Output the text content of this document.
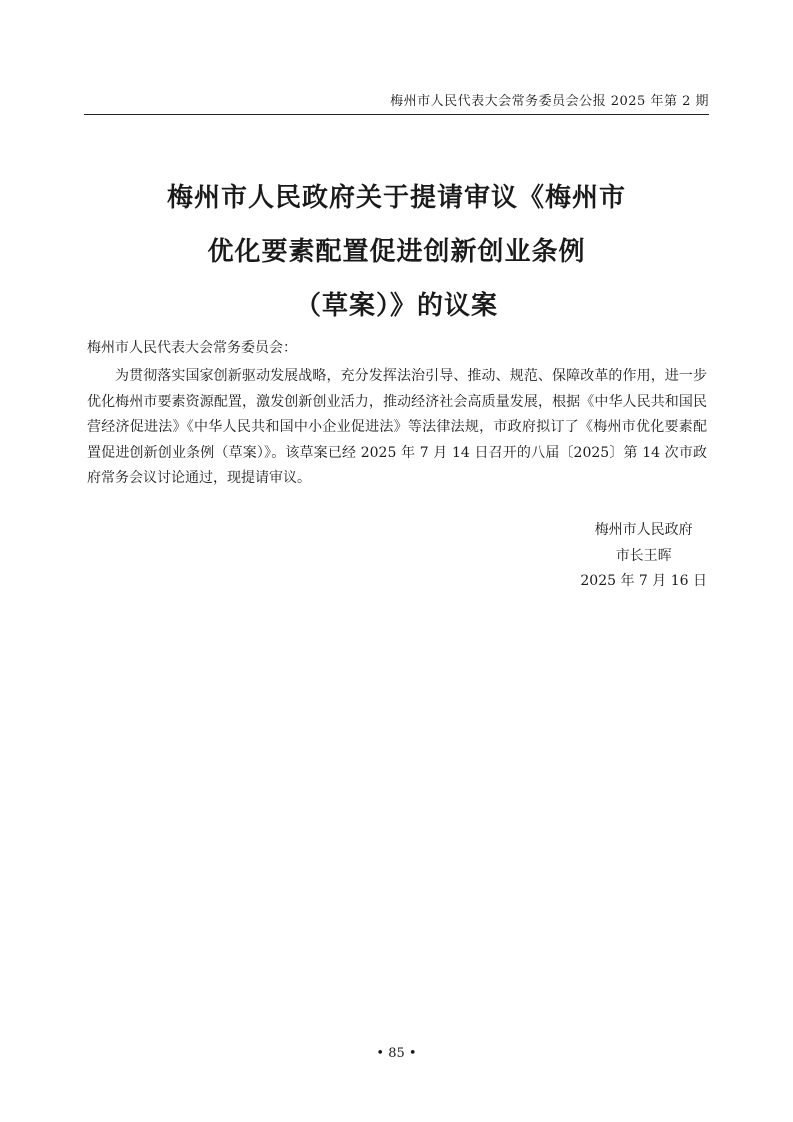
梅州市人民代表大会常务委员会公报 2025 年第 2 期
梅州市人民政府关于提请审议《梅州市
优化要素配置促进创新创业条例
（草案）》的议案
梅州市人民代表大会常务委员会：

为贯彻落实国家创新驱动发展战略，充分发挥法治引导、推动、规范、保障改革的作用，进一步优化梅州市要素资源配置，激发创新创业活力，推动经济社会高质量发展，根据《中华人民共和国民营经济促进法》《中华人民共和国中小企业促进法》等法律法规，市政府拟订了《梅州市优化要素配置促进创新创业条例（草案）》。该草案已经 2025 年 7 月 14 日召开的八届〔2025〕第 14 次市政府常务会议讨论通过，现提请审议。

梅州市人民政府
市长王晖
2025 年 7 月 16 日
• 85 •
